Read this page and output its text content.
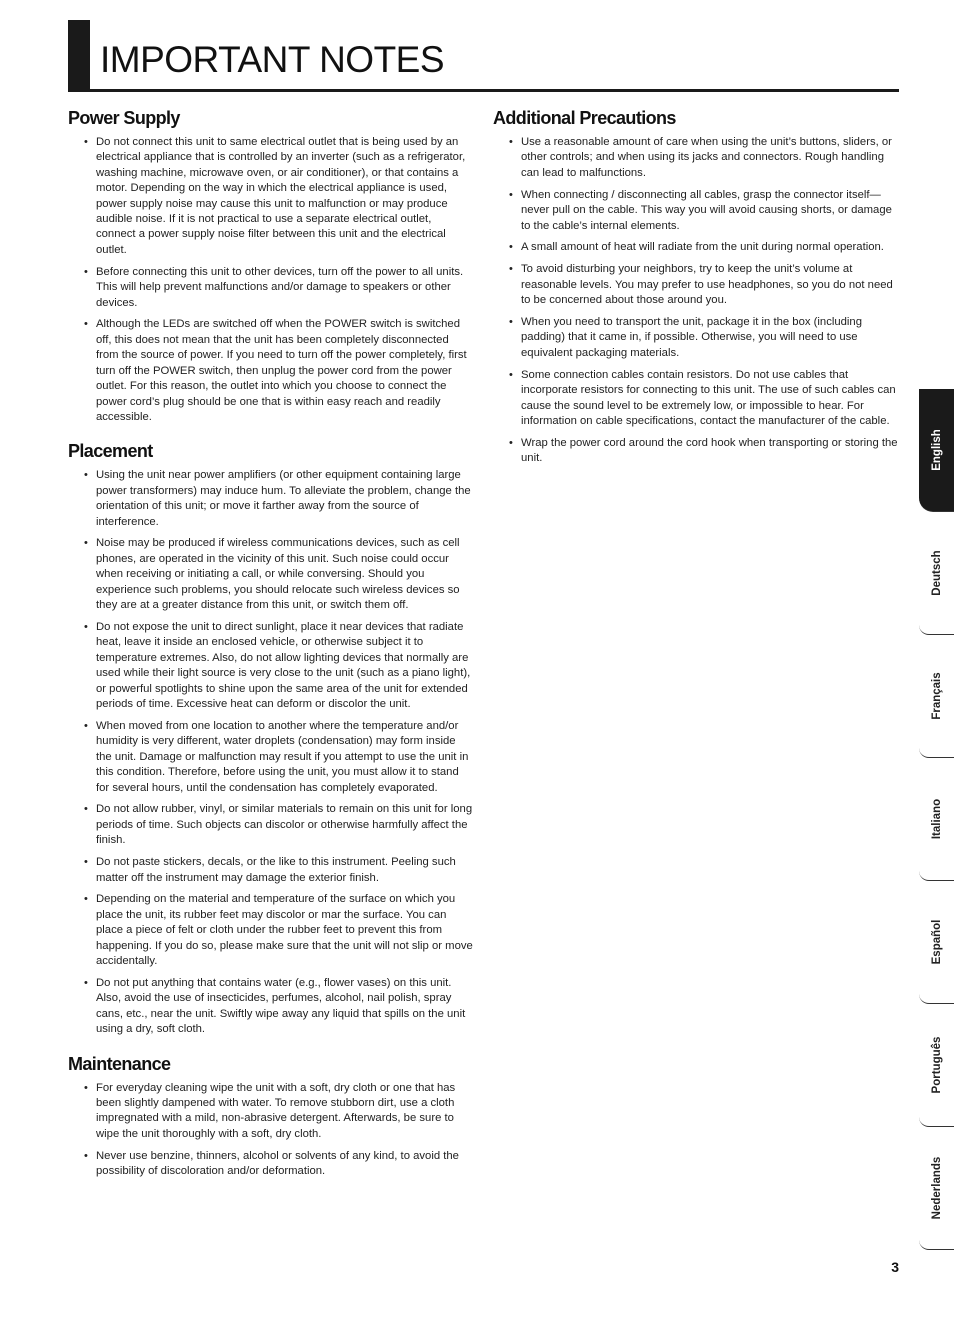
IMPORTANT NOTES
Power Supply
• Do not connect this unit to same electrical outlet that is being used by an electrical appliance that is controlled by an inverter (such as a refrigerator, washing machine, microwave oven, or air conditioner), or that contains a motor. Depending on the way in which the electrical appliance is used, power supply noise may cause this unit to malfunction or may produce audible noise. If it is not practical to use a separate electrical outlet, connect a power supply noise filter between this unit and the electrical outlet.
• Before connecting this unit to other devices, turn off the power to all units. This will help prevent malfunctions and/or damage to speakers or other devices.
• Although the LEDs are switched off when the POWER switch is switched off, this does not mean that the unit has been completely disconnected from the source of power. If you need to turn off the power completely, first turn off the POWER switch, then unplug the power cord from the power outlet. For this reason, the outlet into which you choose to connect the power cord’s plug should be one that is within easy reach and readily accessible.
Placement
• Using the unit near power amplifiers (or other equipment containing large power transformers) may induce hum. To alleviate the problem, change the orientation of this unit; or move it farther away from the source of interference.
• Noise may be produced if wireless communications devices, such as cell phones, are operated in the vicinity of this unit. Such noise could occur when receiving or initiating a call, or while conversing. Should you experience such problems, you should relocate such wireless devices so they are at a greater distance from this unit, or switch them off.
• Do not expose the unit to direct sunlight, place it near devices that radiate heat, leave it inside an enclosed vehicle, or otherwise subject it to temperature extremes. Also, do not allow lighting devices that normally are used while their light source is very close to the unit (such as a piano light), or powerful spotlights to shine upon the same area of the unit for extended periods of time. Excessive heat can deform or discolor the unit.
• When moved from one location to another where the temperature and/or humidity is very different, water droplets (condensation) may form inside the unit. Damage or malfunction may result if you attempt to use the unit in this condition. Therefore, before using the unit, you must allow it to stand for several hours, until the condensation has completely evaporated.
• Do not allow rubber, vinyl, or similar materials to remain on this unit for long periods of time. Such objects can discolor or otherwise harmfully affect the finish.
• Do not paste stickers, decals, or the like to this instrument. Peeling such matter off the instrument may damage the exterior finish.
• Depending on the material and temperature of the surface on which you place the unit, its rubber feet may discolor or mar the surface. You can place a piece of felt or cloth under the rubber feet to prevent this from happening. If you do so, please make sure that the unit will not slip or move accidentally.
• Do not put anything that contains water (e.g., flower vases) on this unit. Also, avoid the use of insecticides, perfumes, alcohol, nail polish, spray cans, etc., near the unit. Swiftly wipe away any liquid that spills on the unit using a dry, soft cloth.
Maintenance
• For everyday cleaning wipe the unit with a soft, dry cloth or one that has been slightly dampened with water. To remove stubborn dirt, use a cloth impregnated with a mild, non-abrasive detergent. Afterwards, be sure to wipe the unit thoroughly with a soft, dry cloth.
• Never use benzine, thinners, alcohol or solvents of any kind, to avoid the possibility of discoloration and/or deformation.
Additional Precautions
• Use a reasonable amount of care when using the unit’s buttons, sliders, or other controls; and when using its jacks and connectors. Rough handling can lead to malfunctions.
• When connecting / disconnecting all cables, grasp the connector itself—never pull on the cable. This way you will avoid causing shorts, or damage to the cable’s internal elements.
• A small amount of heat will radiate from the unit during normal operation.
• To avoid disturbing your neighbors, try to keep the unit’s volume at reasonable levels. You may prefer to use headphones, so you do not need to be concerned about those around you.
• When you need to transport the unit, package it in the box (including padding) that it came in, if possible. Otherwise, you will need to use equivalent packaging materials.
• Some connection cables contain resistors. Do not use cables that incorporate resistors for connecting to this unit. The use of such cables can cause the sound level to be extremely low, or impossible to hear. For information on cable specifications, contact the manufacturer of the cable.
• Wrap the power cord around the cord hook when transporting or storing the unit.	English
Deutsch
Français
Italiano
Español
Português
Nederlands
3
